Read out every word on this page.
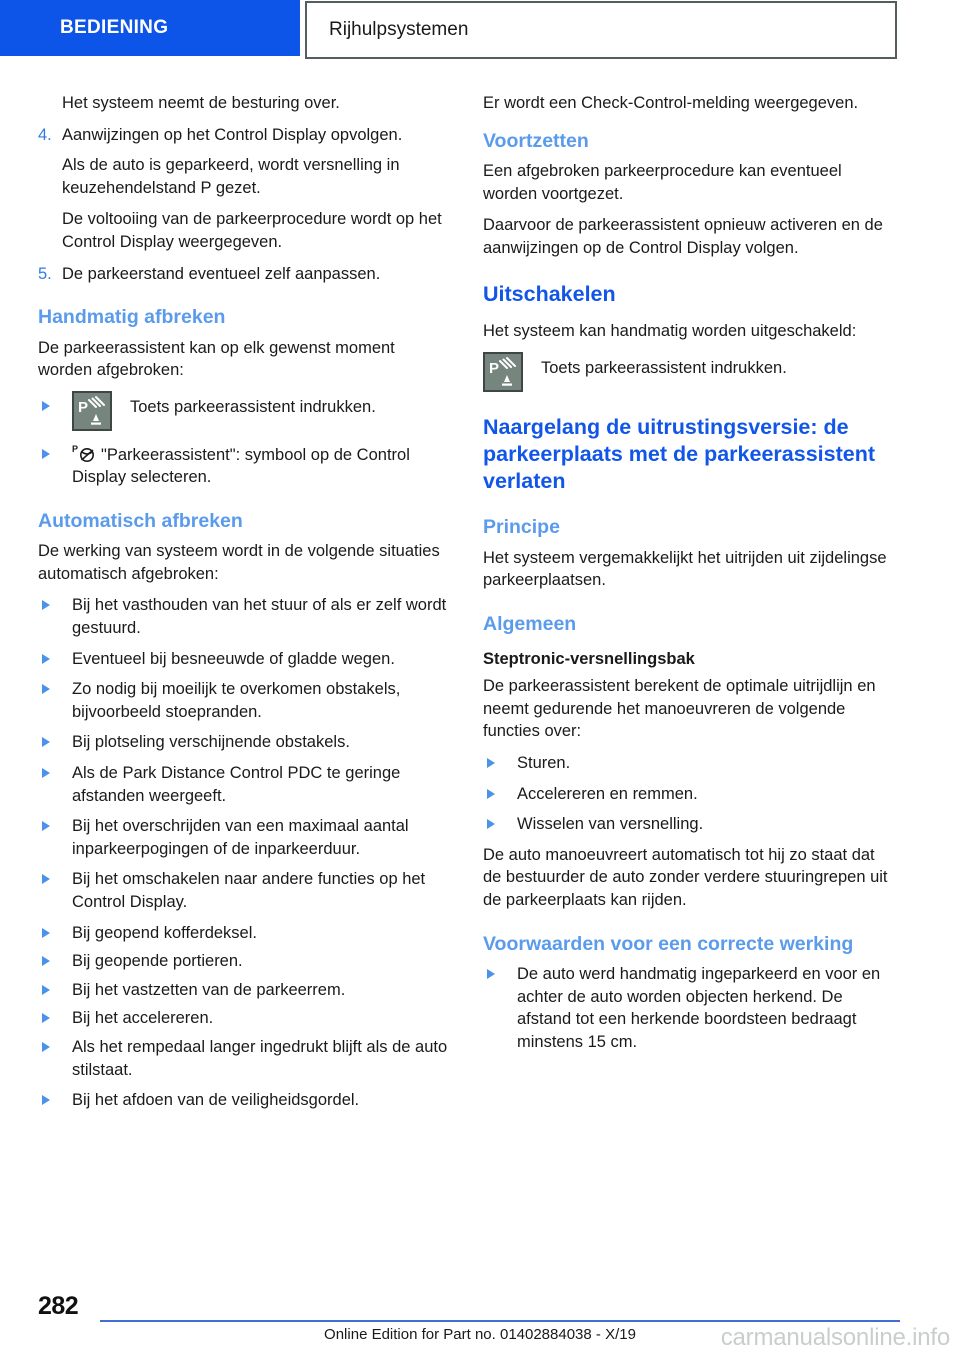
BEDIENING	Rijhulpsystemen
Het systeem neemt de besturing over.
4. Aanwijzingen op het Control Display opvolgen.
Als de auto is geparkeerd, wordt versnelling in keuzehendelstand P gezet.
De voltooiing van de parkeerprocedure wordt op het Control Display weergegeven.
5. De parkeerstand eventueel zelf aanpassen.
Handmatig afbreken
De parkeerassistent kan op elk gewenst moment worden afgebroken:
P	Toets parkeerassistent indrukken.
P "Parkeerassistent": symbool op de Control Display selecteren.
Automatisch afbreken
De werking van systeem wordt in de volgende situaties automatisch afgebroken:
Bij het vasthouden van het stuur of als er zelf wordt gestuurd.
Eventueel bij besneeuwde of gladde wegen.
Zo nodig bij moeilijk te overkomen obstakels, bijvoorbeeld stoepranden.
Bij plotseling verschijnende obstakels.
Als de Park Distance Control PDC te geringe afstanden weergeeft.
Bij het overschrijden van een maximaal aantal inparkeerpogingen of de inparkeerduur.
Bij het omschakelen naar andere functies op het Control Display.
Bij geopend kofferdeksel.
Bij geopende portieren.
Bij het vastzetten van de parkeerrem.
Bij het accelereren.
Als het rempedaal langer ingedrukt blijft als de auto stilstaat.
Bij het afdoen van de veiligheidsgordel.
Er wordt een Check-Control-melding weergegeven.
Voortzetten
Een afgebroken parkeerprocedure kan eventueel worden voortgezet.
Daarvoor de parkeerassistent opnieuw activeren en de aanwijzingen op de Control Display volgen.
Uitschakelen
Het systeem kan handmatig worden uitgeschakeld:
P	Toets parkeerassistent indrukken.
Naargelang de uitrustingsversie: de parkeerplaats met de parkeerassistent verlaten
Principe
Het systeem vergemakkelijkt het uitrijden uit zijdelingse parkeerplaatsen.
Algemeen
Steptronic-versnellingsbak
De parkeerassistent berekent de optimale uitrijdlijn en neemt gedurende het manoeuvreren de volgende functies over:
Sturen.
Accelereren en remmen.
Wisselen van versnelling.
De auto manoeuvreert automatisch tot hij zo staat dat de bestuurder de auto zonder verdere stuuringrepen uit de parkeerplaats kan rijden.
Voorwaarden voor een correcte werking
De auto werd handmatig ingeparkeerd en voor en achter de auto worden objecten herkend. De afstand tot een herkende boordsteen bedraagt minstens 15 cm.
282
Online Edition for Part no. 01402884038 - X/19	carmanualsonline.info
